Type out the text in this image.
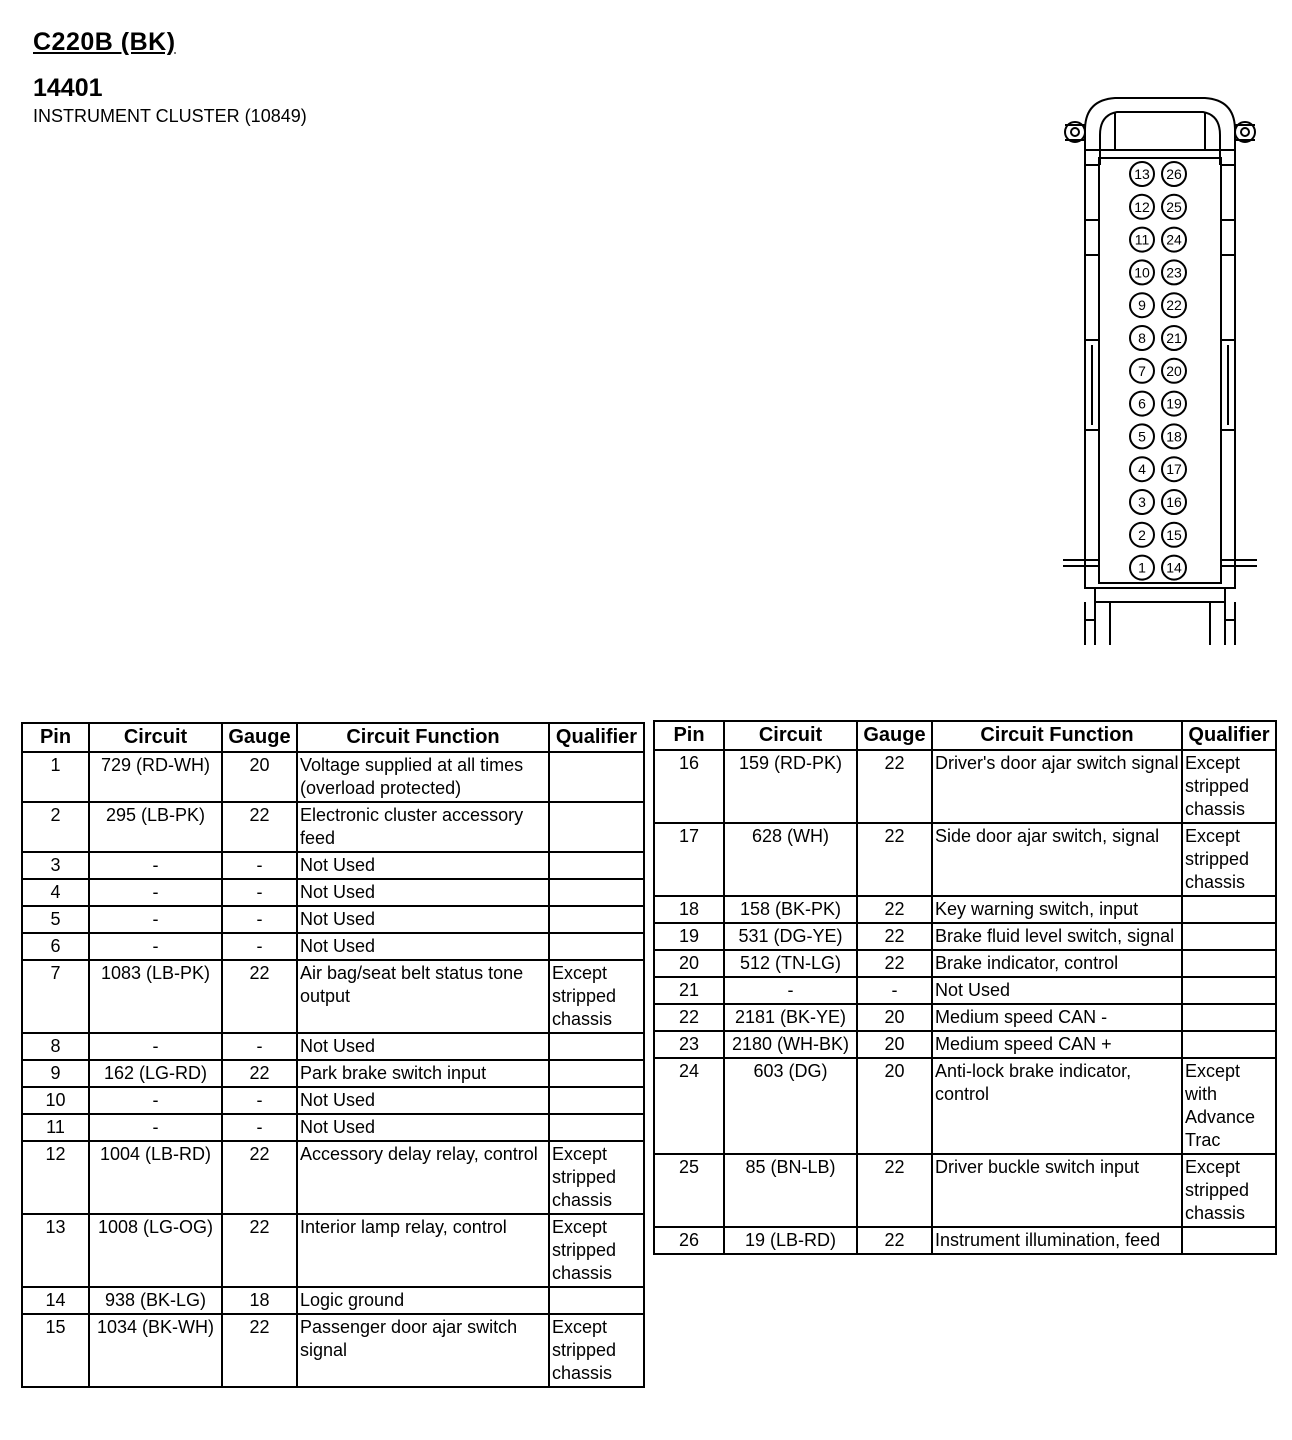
C220B (BK)
14401
INSTRUMENT CLUSTER (10849)
13
12
11
10
9
8
7
6
5
4
3
2
1
26
25
24
23
22
21
20
19
18
17
16
15
14
Pin	Circuit	Gauge	Circuit Function	Qualifier
1	729 (RD-WH)	20	Voltage supplied at all times (overload protected)	
2	295 (LB-PK)	22	Electronic cluster accessory feed	
3	-	-	Not Used	
4	-	-	Not Used	
5	-	-	Not Used	
6	-	-	Not Used	
7	1083 (LB-PK)	22	Air bag/seat belt status tone output	Except stripped chassis
8	-	-	Not Used	
9	162 (LG-RD)	22	Park brake switch input	
10	-	-	Not Used	
11	-	-	Not Used	
12	1004 (LB-RD)	22	Accessory delay relay, control	Except stripped chassis
13	1008 (LG-OG)	22	Interior lamp relay, control	Except stripped chassis
14	938 (BK-LG)	18	Logic ground	
15	1034 (BK-WH)	22	Passenger door ajar switch signal	Except stripped chassis
Pin	Circuit	Gauge	Circuit Function	Qualifier
16	159 (RD-PK)	22	Driver's door ajar switch signal	Except stripped chassis
17	628 (WH)	22	Side door ajar switch, signal	Except stripped chassis
18	158 (BK-PK)	22	Key warning switch, input	
19	531 (DG-YE)	22	Brake fluid level switch, signal	
20	512 (TN-LG)	22	Brake indicator, control	
21	-	-	Not Used	
22	2181 (BK-YE)	20	Medium speed CAN -	
23	2180 (WH-BK)	20	Medium speed CAN +	
24	603 (DG)	20	Anti-lock brake indicator, control	Except with Advance Trac
25	85 (BN-LB)	22	Driver buckle switch input	Except stripped chassis
26	19 (LB-RD)	22	Instrument illumination, feed	
